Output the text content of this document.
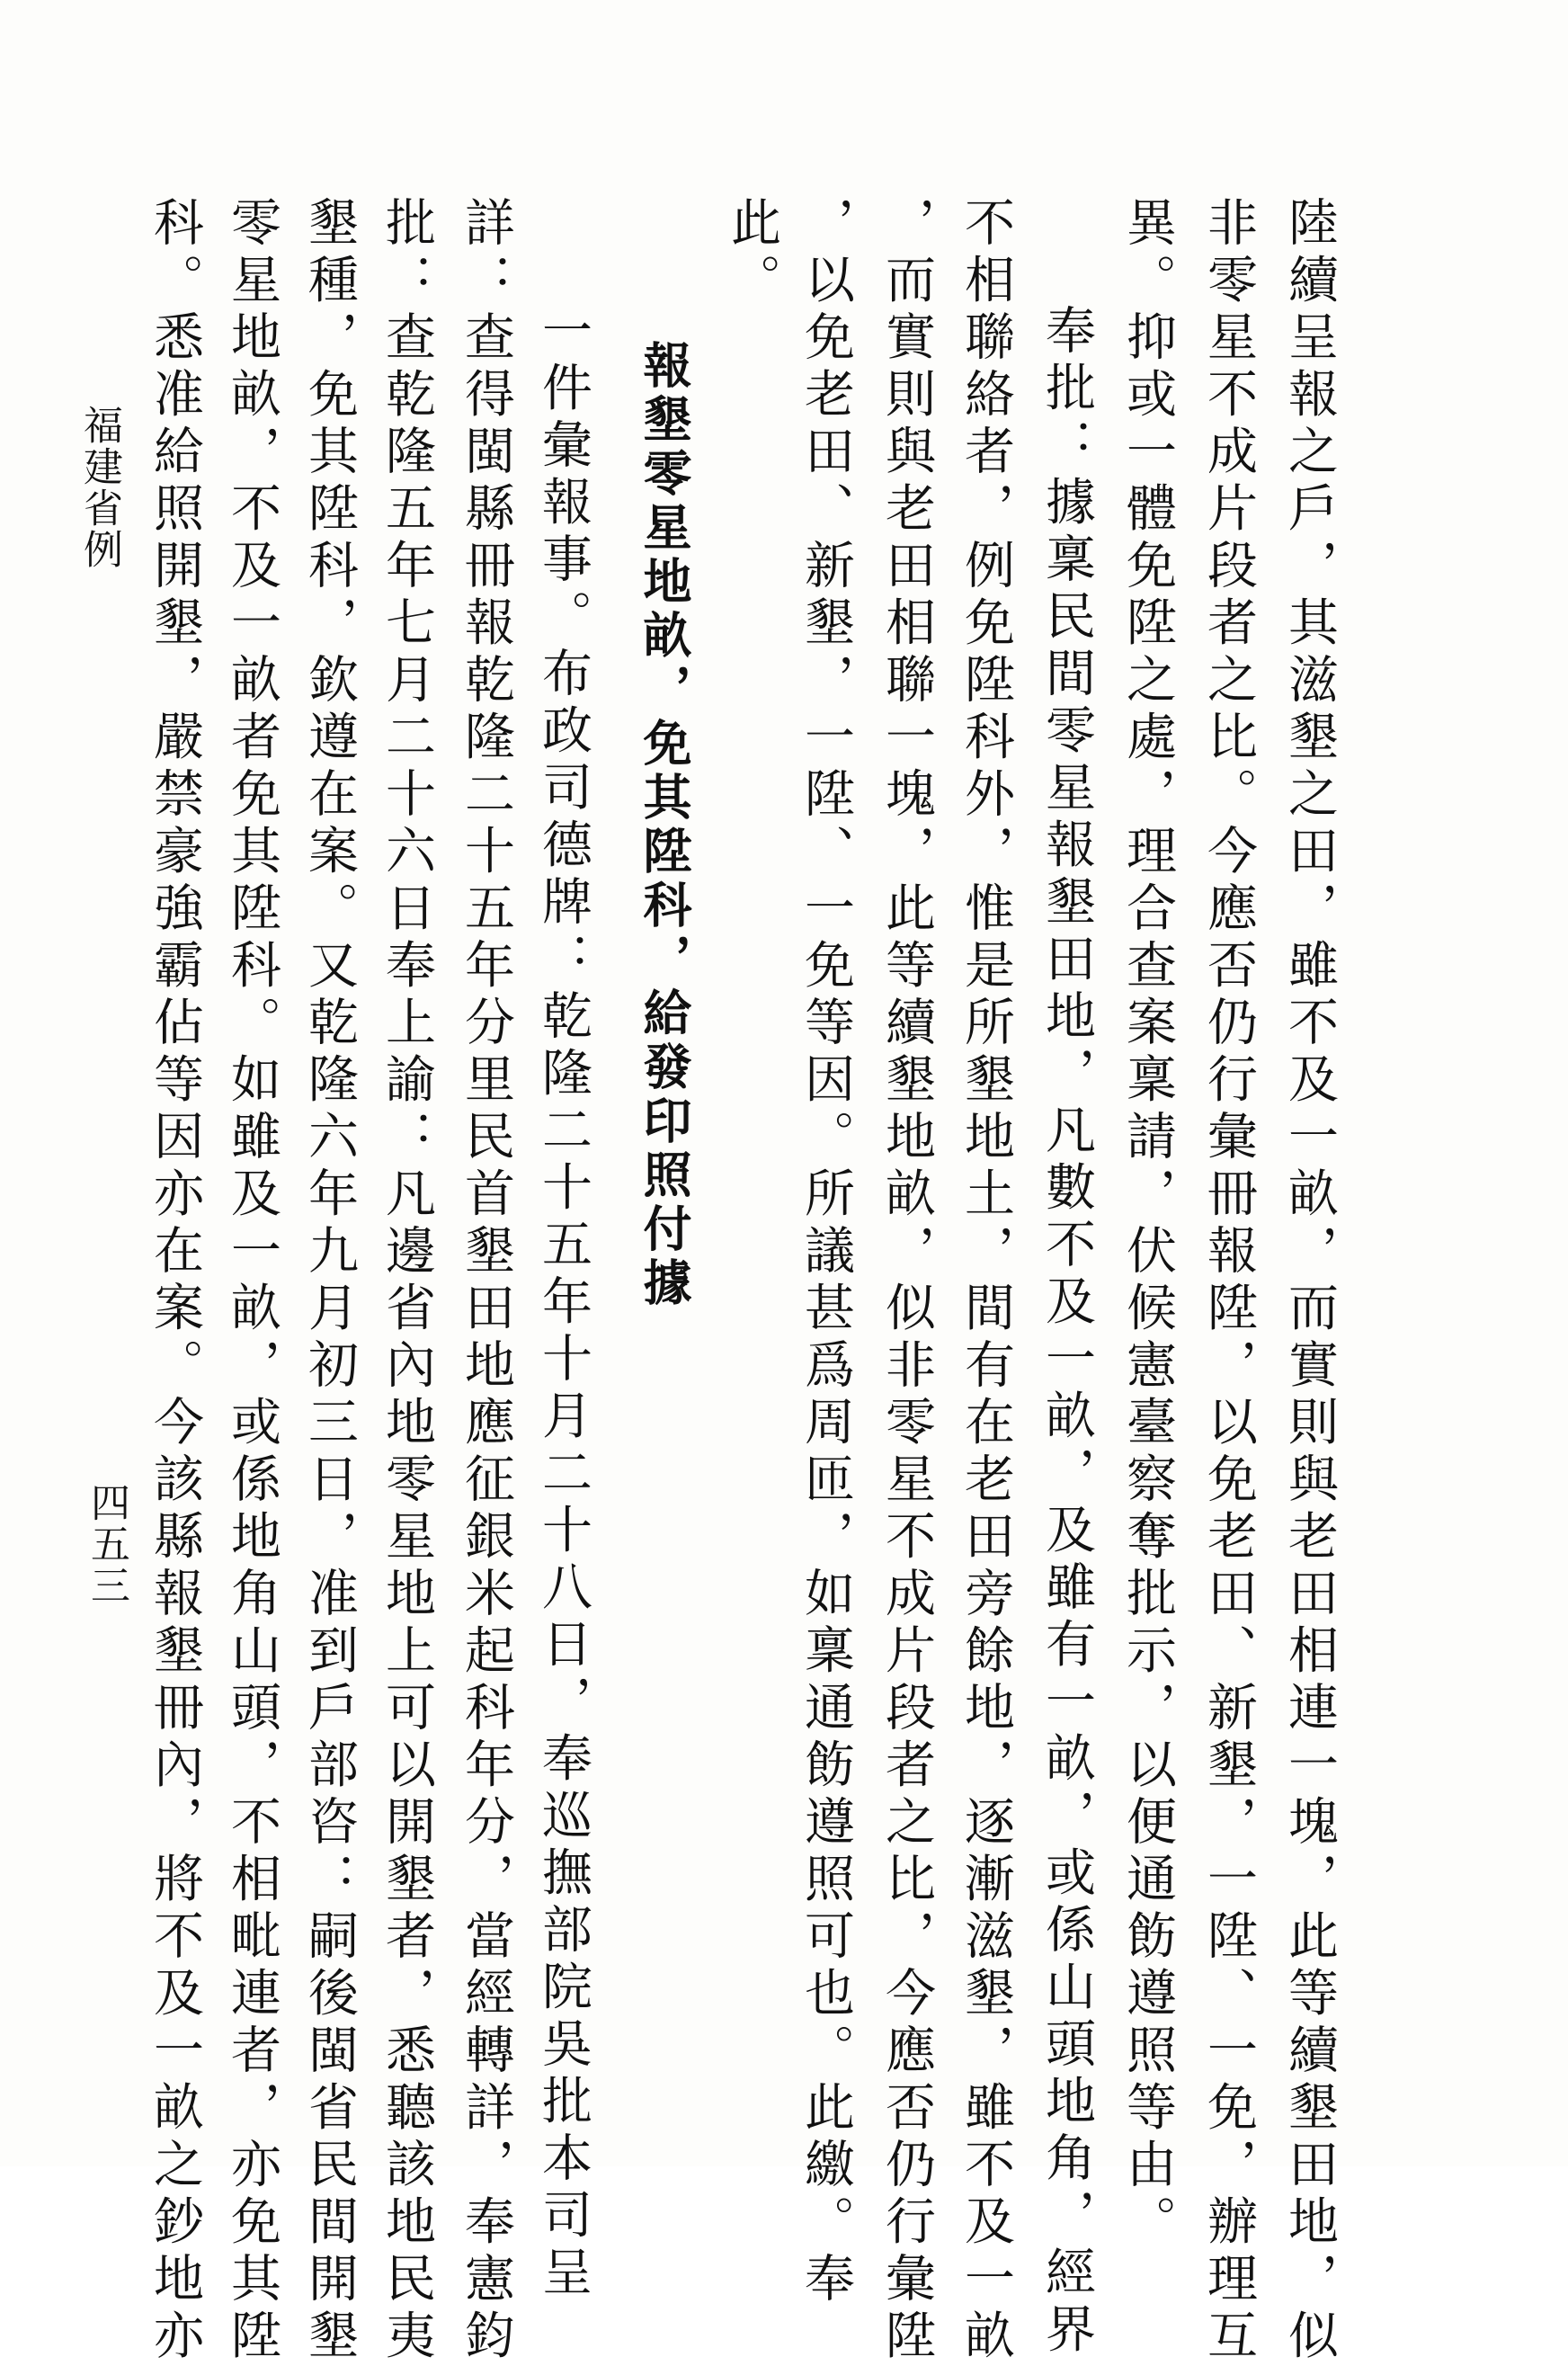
陸續呈報之戶，其滋墾之田，雖不及一畝，而實則與老田相連一塊，此等續墾田地，似
非零星不成片段者之比。今應否仍行彙冊報陞，以免老田、新墾，一陞、一免，辦理互
異。抑或一體免陞之處，理合查案稟請，伏候憲臺察奪批示，以便通飭遵照等由。
奉批：據稟民間零星報墾田地，凡數不及一畝，及雖有一畝，或係山頭地角，經界
不相聯絡者，例免陞科外，惟是所墾地土，間有在老田旁餘地，逐漸滋墾，雖不及一畝
，而實則與老田相聯一塊，此等續墾地畝，似非零星不成片段者之比，今應否仍行彙陞
，以免老田、新墾，一陞、一免等因。所議甚爲周匝，如稟通飭遵照可也。此繳。奉
此。
報墾零星地畝，免其陞科，給發印照付據
一件彙報事。布政司德牌：乾隆二十五年十月二十八日，奉巡撫部院吳批本司呈
詳：查得閩縣冊報乾隆二十五年分里民首墾田地應征銀米起科年分，當經轉詳，奉憲鈞
批：查乾隆五年七月二十六日奉上諭：凡邊省內地零星地上可以開墾者，悉聽該地民夷
墾種，免其陞科，欽遵在案。又乾隆六年九月初三日，准到戶部咨：嗣後閩省民間開墾
零星地畝，不及一畝者免其陞科。如雖及一畝，或係地角山頭，不相毗連者，亦免其陞
科。悉准給照開墾，嚴禁豪強霸佔等因亦在案。今該縣報墾冊內，將不及一畝之鈔地亦
福建省例
四五三
